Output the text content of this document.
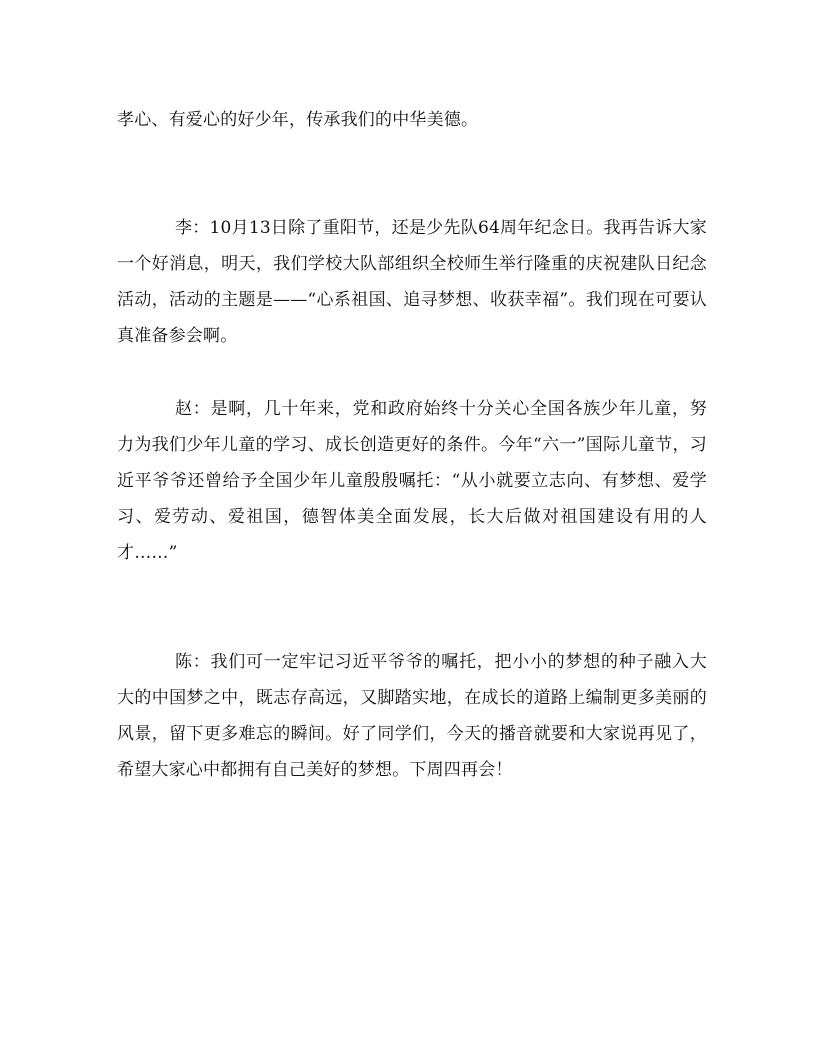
孝心、有爱心的好少年，传承我们的中华美德。

李：10月13日除了重阳节，还是少先队64周年纪念日。我再告诉大家一个好消息，明天，我们学校大队部组织全校师生举行隆重的庆祝建队日纪念活动，活动的主题是——“心系祖国、追寻梦想、收获幸福”。我们现在可要认真准备参会啊。

赵：是啊，几十年来，党和政府始终十分关心全国各族少年儿童，努力为我们少年儿童的学习、成长创造更好的条件。今年“六一”国际儿童节，习近平爷爷还曾给予全国少年儿童殷殷嘱托：“从小就要立志向、有梦想、爱学习、爱劳动、爱祖国，德智体美全面发展，长大后做对祖国建设有用的人才……”

陈：我们可一定牢记习近平爷爷的嘱托，把小小的梦想的种子融入大大的中国梦之中，既志存高远，又脚踏实地，在成长的道路上编制更多美丽的风景，留下更多难忘的瞬间。好了同学们，今天的播音就要和大家说再见了，希望大家心中都拥有自己美好的梦想。下周四再会！
